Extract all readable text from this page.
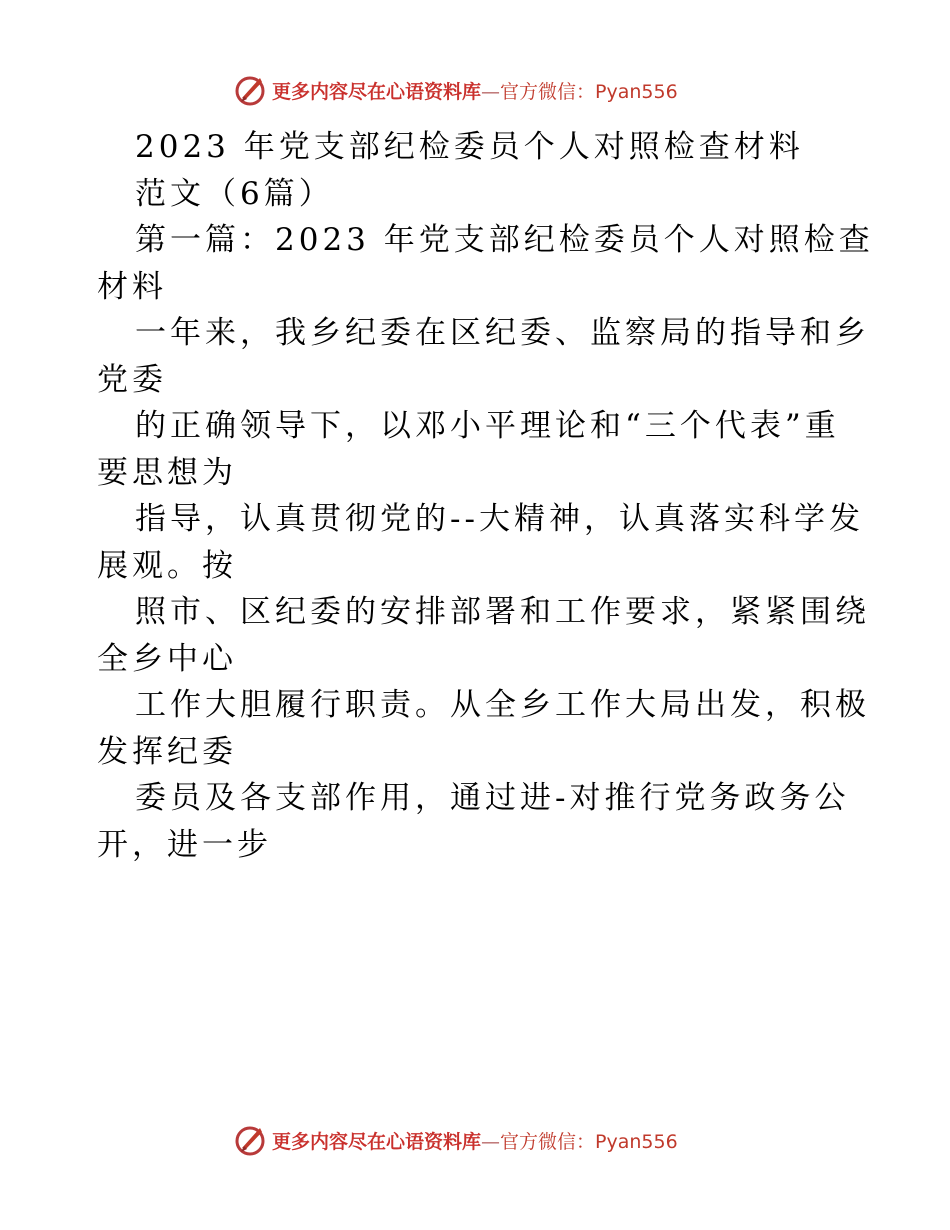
更多内容尽在心语资料库—官方微信：Pyan556
2023 年党支部纪检委员个人对照检查材料
范文（6篇）
第一篇：2023 年党支部纪检委员个人对照检查
材料
一年来，我乡纪委在区纪委、监察局的指导和乡
党委
的正确领导下，以邓小平理论和“三个代表”重
要思想为
指导，认真贯彻党的--大精神，认真落实科学发
展观。按
照市、区纪委的安排部署和工作要求，紧紧围绕
全乡中心
工作大胆履行职责。从全乡工作大局出发，积极
发挥纪委
委员及各支部作用，通过进-对推行党务政务公
开，进一步
更多内容尽在心语资料库—官方微信：Pyan556
